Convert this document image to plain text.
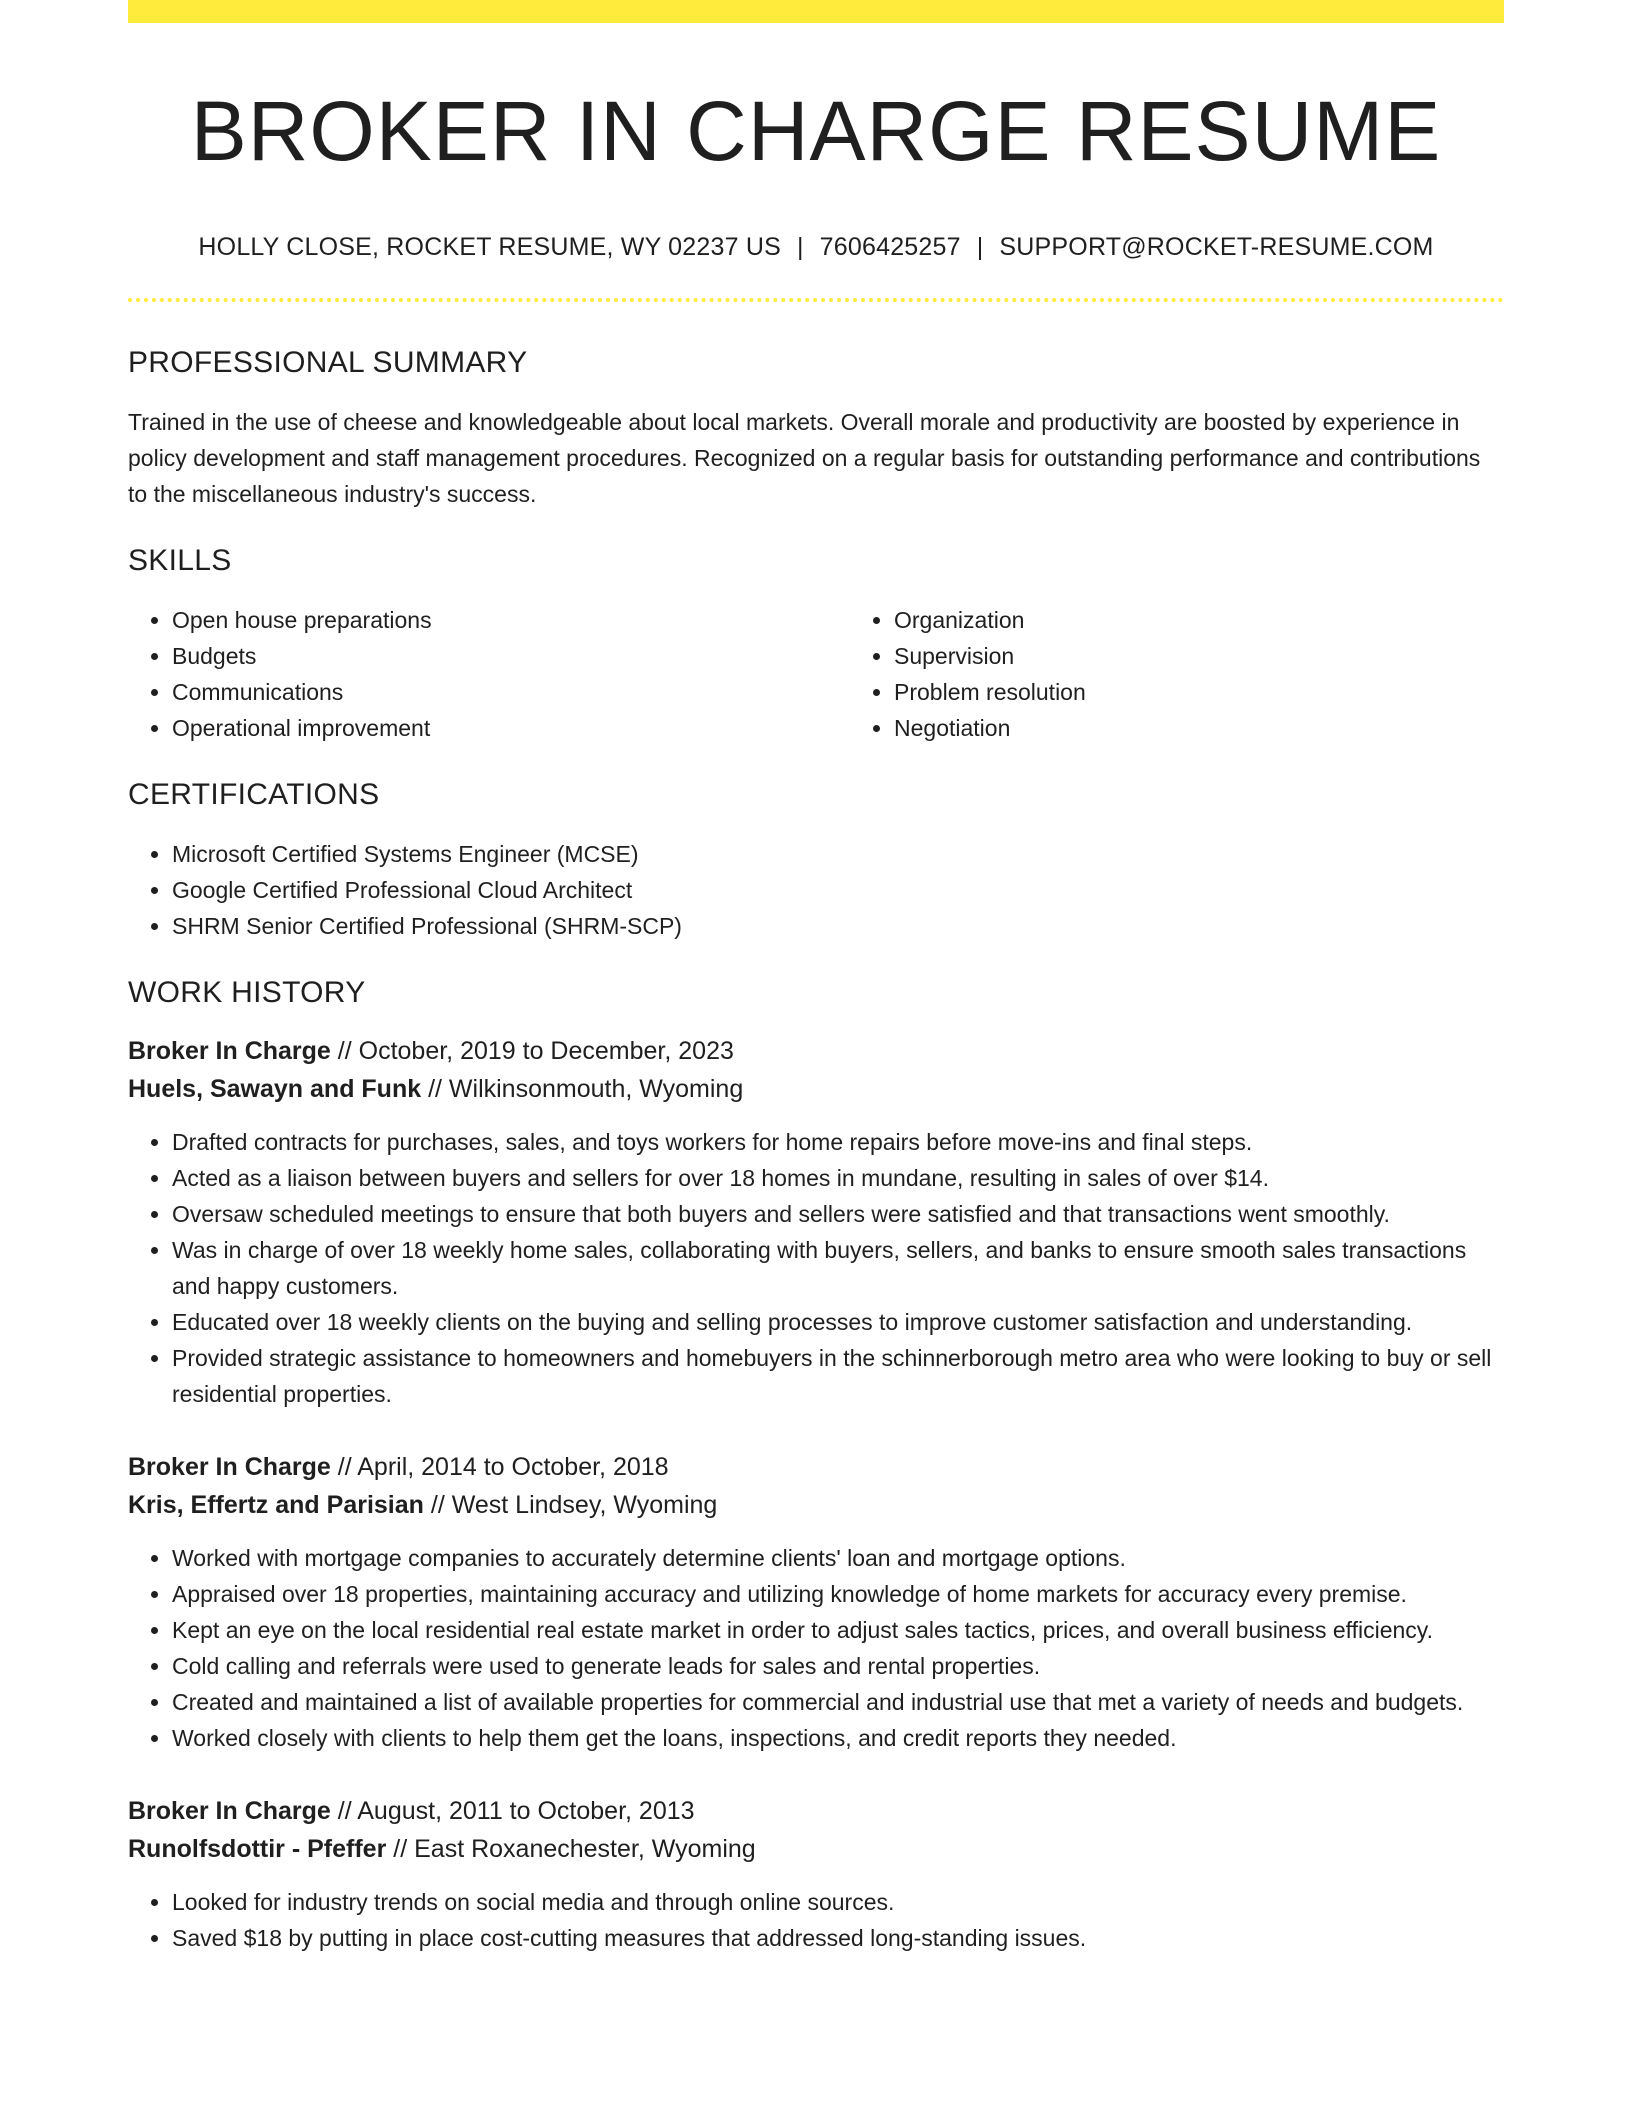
BROKER IN CHARGE RESUME
HOLLY CLOSE, ROCKET RESUME, WY 02237 US | 7606425257 | SUPPORT@ROCKET-RESUME.COM
PROFESSIONAL SUMMARY

Trained in the use of cheese and knowledgeable about local markets. Overall morale and productivity are boosted by experience in policy development and staff management procedures. Recognized on a regular basis for outstanding performance and contributions to the miscellaneous industry's success.

SKILLS
• Open house preparations
• Budgets
• Communications
• Operational improvement
• Organization
• Supervision
• Problem resolution
• Negotiation
CERTIFICATIONS
• Microsoft Certified Systems Engineer (MCSE)
• Google Certified Professional Cloud Architect
• SHRM Senior Certified Professional (SHRM-SCP)
WORK HISTORY
Broker In Charge // October, 2019 to December, 2023
Huels, Sawayn and Funk // Wilkinsonmouth, Wyoming
• Drafted contracts for purchases, sales, and toys workers for home repairs before move-ins and final steps.
• Acted as a liaison between buyers and sellers for over 18 homes in mundane, resulting in sales of over $14.
• Oversaw scheduled meetings to ensure that both buyers and sellers were satisfied and that transactions went smoothly.
• Was in charge of over 18 weekly home sales, collaborating with buyers, sellers, and banks to ensure smooth sales transactions and happy customers.
• Educated over 18 weekly clients on the buying and selling processes to improve customer satisfaction and understanding.
• Provided strategic assistance to homeowners and homebuyers in the schinnerborough metro area who were looking to buy or sell residential properties.
Broker In Charge // April, 2014 to October, 2018
Kris, Effertz and Parisian // West Lindsey, Wyoming
• Worked with mortgage companies to accurately determine clients' loan and mortgage options.
• Appraised over 18 properties, maintaining accuracy and utilizing knowledge of home markets for accuracy every premise.
• Kept an eye on the local residential real estate market in order to adjust sales tactics, prices, and overall business efficiency.
• Cold calling and referrals were used to generate leads for sales and rental properties.
• Created and maintained a list of available properties for commercial and industrial use that met a variety of needs and budgets.
• Worked closely with clients to help them get the loans, inspections, and credit reports they needed.
Broker In Charge // August, 2011 to October, 2013
Runolfsdottir - Pfeffer // East Roxanechester, Wyoming
• Looked for industry trends on social media and through online sources.
• Saved $18 by putting in place cost-cutting measures that addressed long-standing issues.
